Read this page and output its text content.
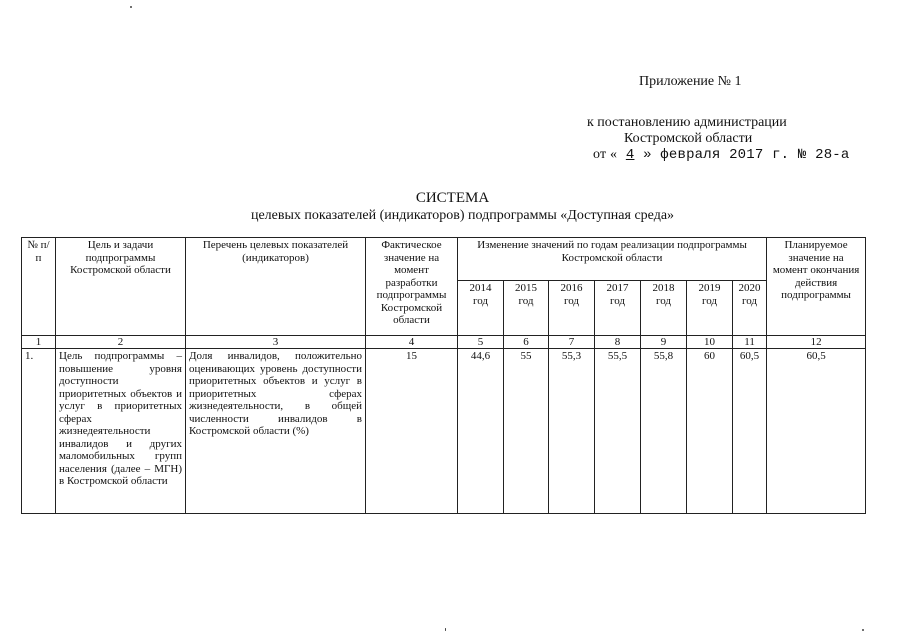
Приложение № 1
к постановлению администрации
Костромской области
от « 4 » февраля 2017 г. № 28-а
СИСТЕМА
целевых показателей (индикаторов) подпрограммы «Доступная среда»
№ п/п	Цель и задачи подпрограммы Костромской области	Перечень целевых показателей (индикаторов)	Фактическое значение на момент разработки подпрограммы Костромской области	Изменение значений по годам реализации подпрограммы Костромской области							Планируемое значение на момент окончания действия подпрограммы
				2014 год	2015 год	2016 год	2017 год	2018 год	2019 год	2020 год	
1	2	3	4	5	6	7	8	9	10	11	12
1.	Цель подпрограммы – повышение уровня доступности приоритетных объектов и услуг в приоритетных сферах жизнедеятельности инвалидов и других маломобильных групп населения (далее – МГН) в Костромской области	Доля инвалидов, положительно оценивающих уровень доступности приоритетных объектов и услуг в приоритетных сферах жизнедеятельности, в общей численности инвалидов в Костромской области (%)	15	44,6	55	55,3	55,5	55,8	60	60,5	60,5
